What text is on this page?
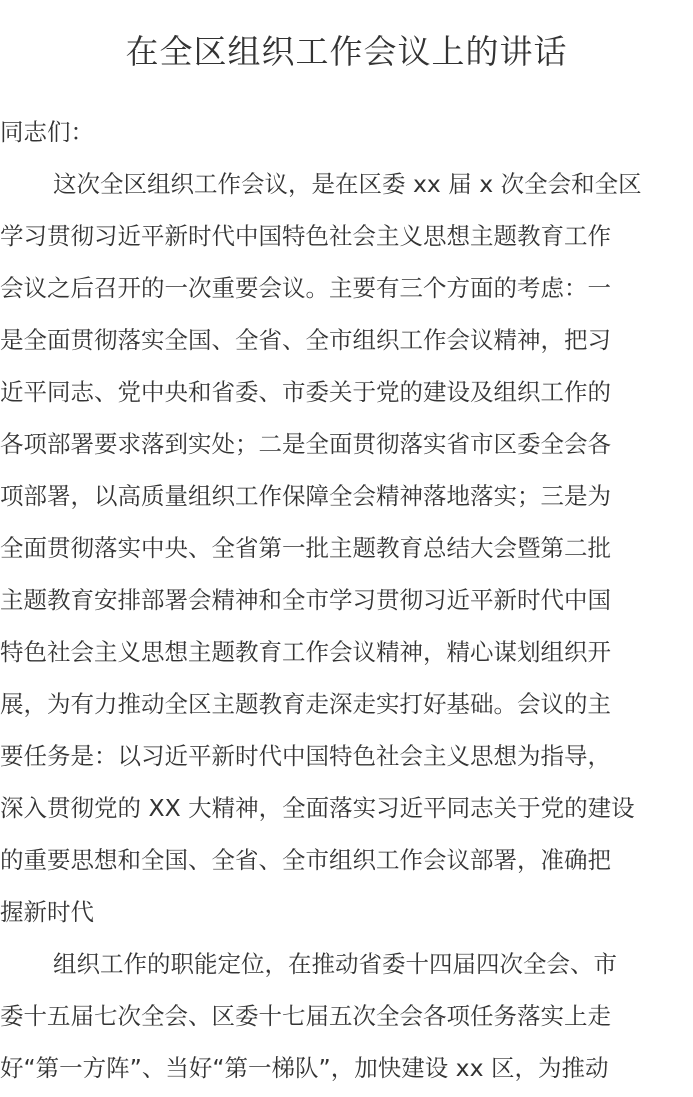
在全区组织工作会议上的讲话

同志们：

这次全区组织工作会议，是在区委 xx 届 x 次全会和全区
学习贯彻习近平新时代中国特色社会主义思想主题教育工作
会议之后召开的一次重要会议。主要有三个方面的考虑：一
是全面贯彻落实全国、全省、全市组织工作会议精神，把习
近平同志、党中央和省委、市委关于党的建设及组织工作的
各项部署要求落到实处；二是全面贯彻落实省市区委全会各
项部署，以高质量组织工作保障全会精神落地落实；三是为
全面贯彻落实中央、全省第一批主题教育总结大会暨第二批
主题教育安排部署会精神和全市学习贯彻习近平新时代中国
特色社会主义思想主题教育工作会议精神，精心谋划组织开
展，为有力推动全区主题教育走深走实打好基础。会议的主
要任务是：以习近平新时代中国特色社会主义思想为指导，
深入贯彻党的 XX 大精神，全面落实习近平同志关于党的建设
的重要思想和全国、全省、全市组织工作会议部署，准确把
握新时代

组织工作的职能定位，在推动省委十四届四次全会、市
委十五届七次全会、区委十七届五次全会各项任务落实上走
好“第一方阵”、当好“第一梯队”，加快建设 xx 区，为推动
